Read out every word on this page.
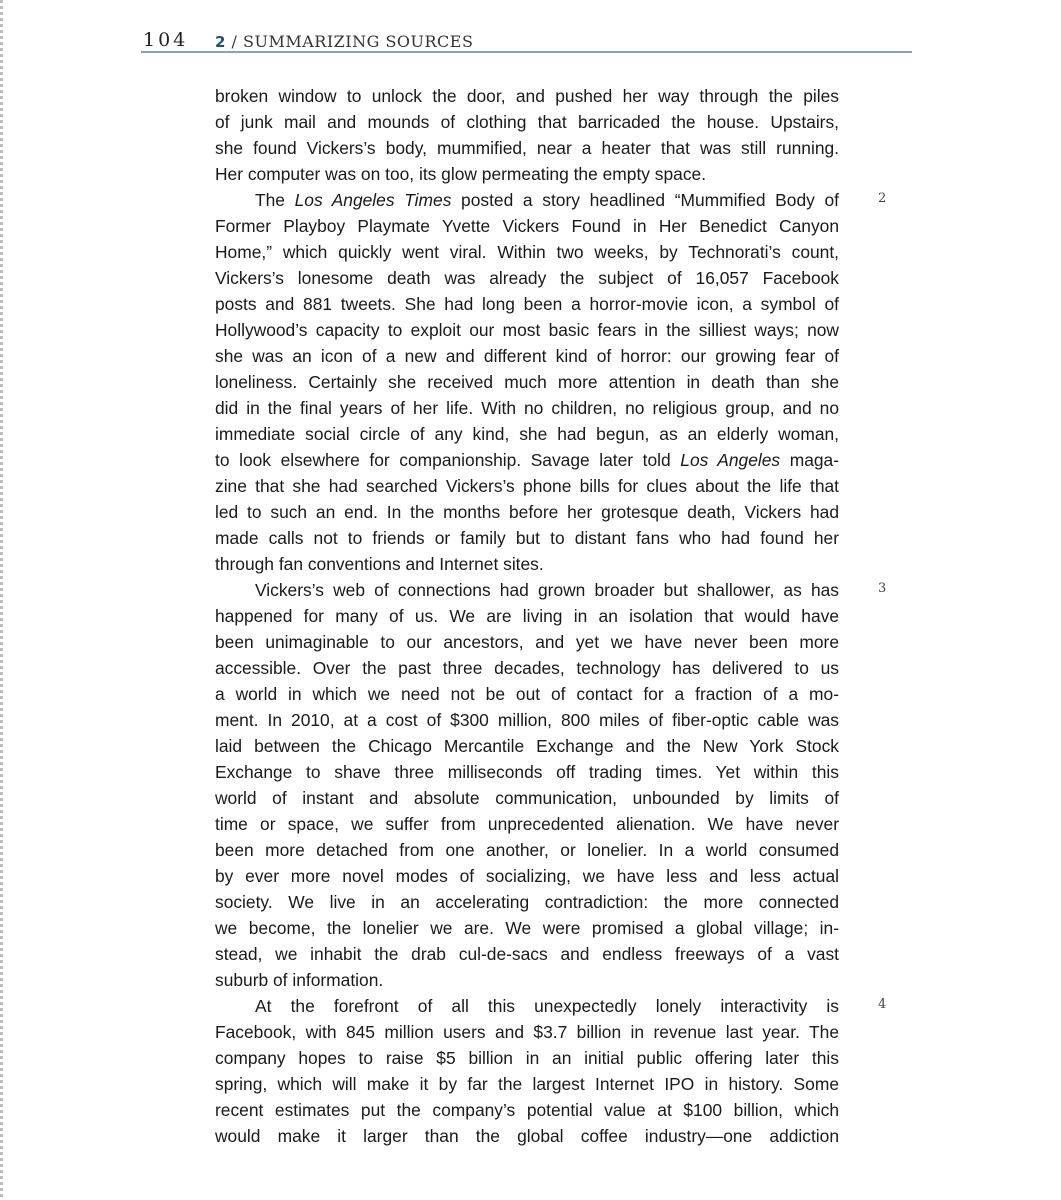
104 2 / SUMMARIZING SOURCES
broken window to unlock the door, and pushed her way through the piles
of junk mail and mounds of clothing that barricaded the house. Upstairs,
she found Vickers’s body, mummified, near a heater that was still running.
Her computer was on too, its glow permeating the empty space.
The Los Angeles Times posted a story headlined “Mummified Body of
Former Playboy Playmate Yvette Vickers Found in Her Benedict Canyon
Home,” which quickly went viral. Within two weeks, by Technorati’s count,
Vickers’s lonesome death was already the subject of 16,057 Facebook
posts and 881 tweets. She had long been a horror-movie icon, a symbol of
Hollywood’s capacity to exploit our most basic fears in the silliest ways; now
she was an icon of a new and different kind of horror: our growing fear of
loneliness. Certainly she received much more attention in death than she
did in the final years of her life. With no children, no religious group, and no
immediate social circle of any kind, she had begun, as an elderly woman,
to look elsewhere for companionship. Savage later told Los Angeles maga-
zine that she had searched Vickers’s phone bills for clues about the life that
led to such an end. In the months before her grotesque death, Vickers had
made calls not to friends or family but to distant fans who had found her
through fan conventions and Internet sites.
Vickers’s web of connections had grown broader but shallower, as has
happened for many of us. We are living in an isolation that would have
been unimaginable to our ancestors, and yet we have never been more
accessible. Over the past three decades, technology has delivered to us
a world in which we need not be out of contact for a fraction of a mo-
ment. In 2010, at a cost of $300 million, 800 miles of fiber-optic cable was
laid between the Chicago Mercantile Exchange and the New York Stock
Exchange to shave three milliseconds off trading times. Yet within this
world of instant and absolute communication, unbounded by limits of
time or space, we suffer from unprecedented alienation. We have never
been more detached from one another, or lonelier. In a world consumed
by ever more novel modes of socializing, we have less and less actual
society. We live in an accelerating contradiction: the more connected
we become, the lonelier we are. We were promised a global village; in-
stead, we inhabit the drab cul-de-sacs and endless freeways of a vast
suburb of information.
At the forefront of all this unexpectedly lonely interactivity is
Facebook, with 845 million users and $3.7 billion in revenue last year. The
company hopes to raise $5 billion in an initial public offering later this
spring, which will make it by far the largest Internet IPO in history. Some
recent estimates put the company’s potential value at $100 billion, which
would make it larger than the global coffee industry—one addiction
2
3
4
